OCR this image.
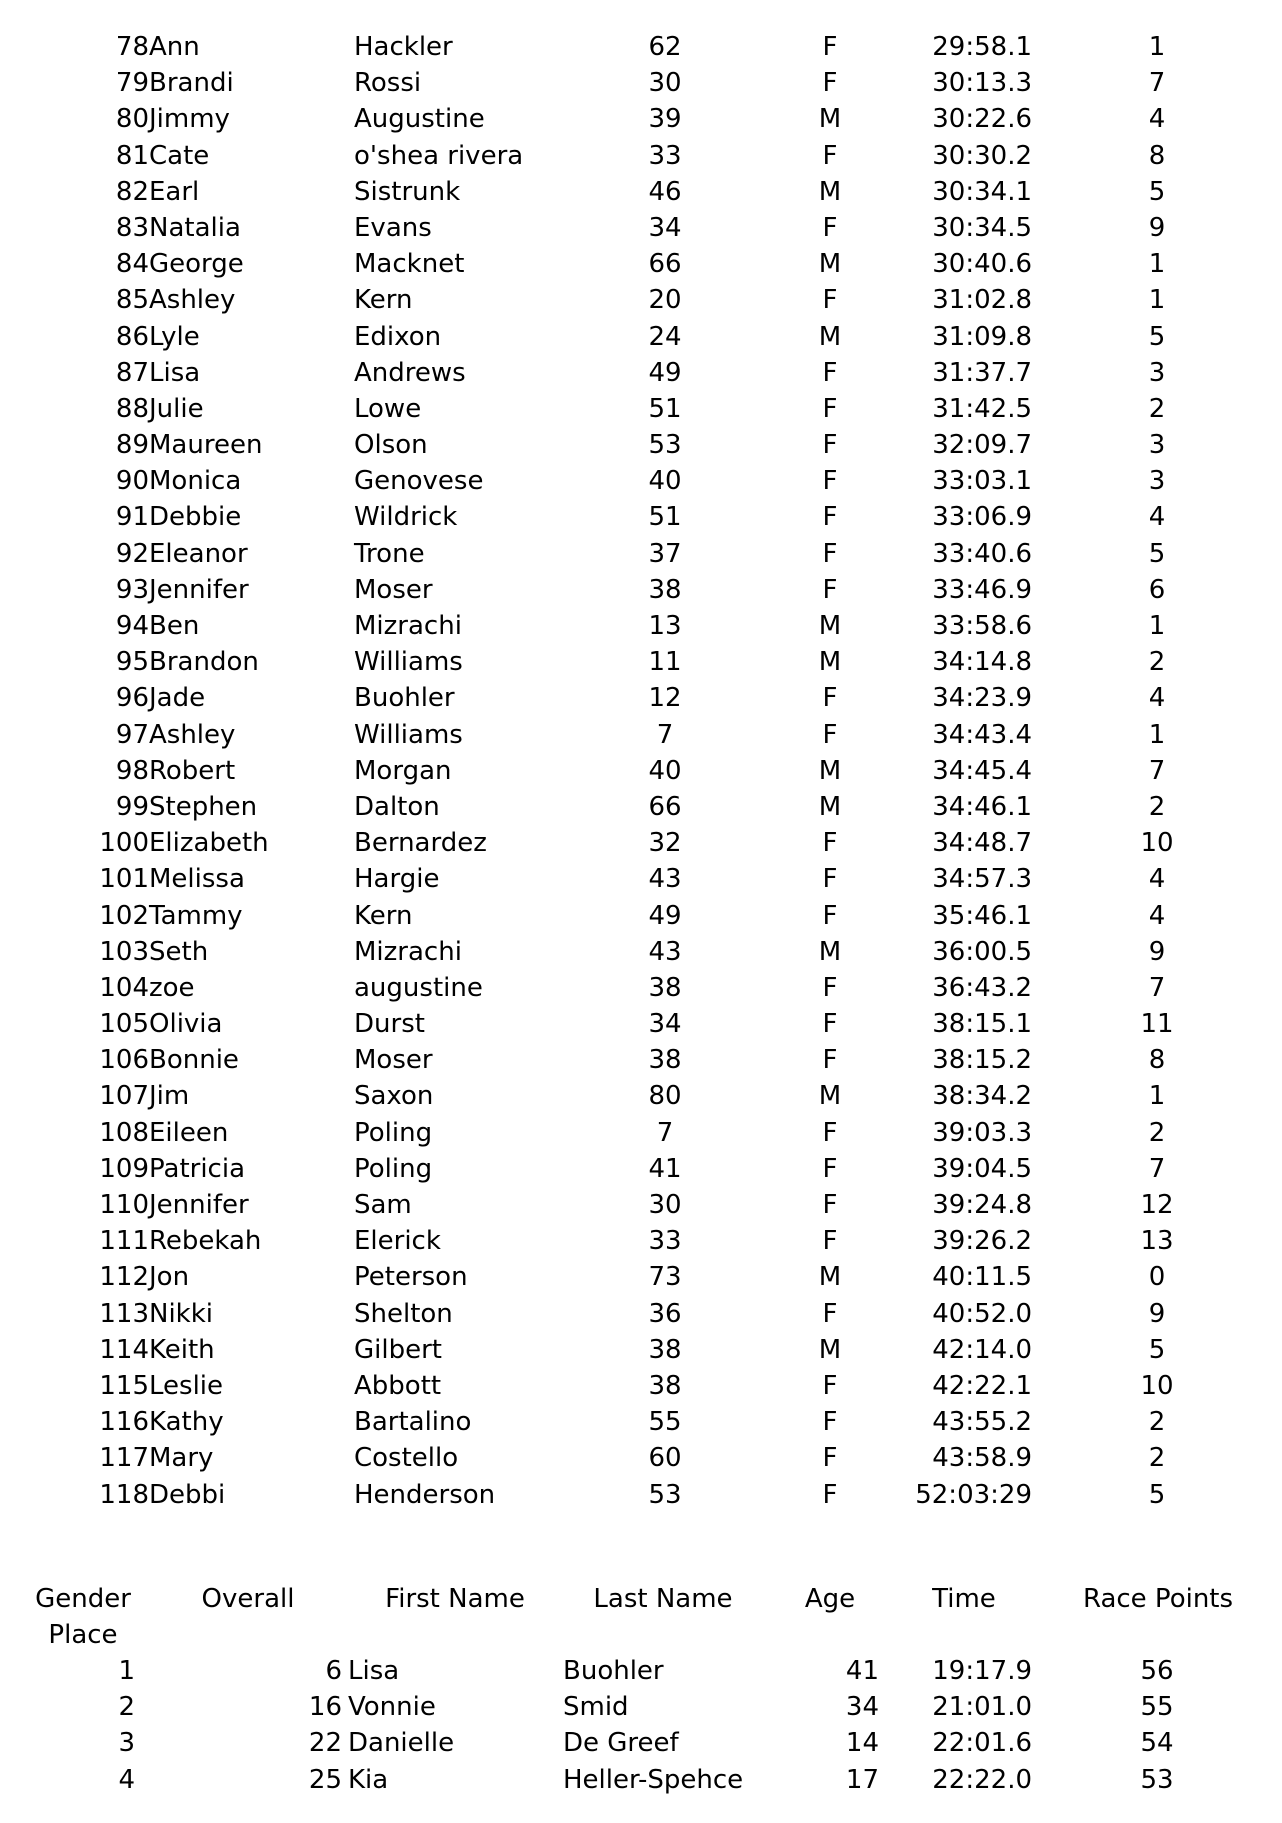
78 Ann	Hackler	62	F	29:58.1	1
79 Brandi	Rossi	30	F	30:13.3	7
80 Jimmy	Augustine	39	M	30:22.6	4
81 Cate	o'shea rivera	33	F	30:30.2	8
82 Earl	Sistrunk	46	M	30:34.1	5
83 Natalia	Evans	34	F	30:34.5	9
84 George	Macknet	66	M	30:40.6	1
85 Ashley	Kern	20	F	31:02.8	1
86 Lyle	Edixon	24	M	31:09.8	5
87 Lisa	Andrews	49	F	31:37.7	3
88 Julie	Lowe	51	F	31:42.5	2
89 Maureen	Olson	53	F	32:09.7	3
90 Monica	Genovese	40	F	33:03.1	3
91 Debbie	Wildrick	51	F	33:06.9	4
92 Eleanor	Trone	37	F	33:40.6	5
93 Jennifer	Moser	38	F	33:46.9	6
94 Ben	Mizrachi	13	M	33:58.6	1
95 Brandon	Williams	11	M	34:14.8	2
96 Jade	Buohler	12	F	34:23.9	4
97 Ashley	Williams	7	F	34:43.4	1
98 Robert	Morgan	40	M	34:45.4	7
99 Stephen	Dalton	66	M	34:46.1	2
100 Elizabeth	Bernardez	32	F	34:48.7	10
101 Melissa	Hargie	43	F	34:57.3	4
102 Tammy	Kern	49	F	35:46.1	4
103 Seth	Mizrachi	43	M	36:00.5	9
104 zoe	augustine	38	F	36:43.2	7
105 Olivia	Durst	34	F	38:15.1	11
106 Bonnie	Moser	38	F	38:15.2	8
107 Jim	Saxon	80	M	38:34.2	1
108 Eileen	Poling	7	F	39:03.3	2
109 Patricia	Poling	41	F	39:04.5	7
110 Jennifer	Sam	30	F	39:24.8	12
111 Rebekah	Elerick	33	F	39:26.2	13
112 Jon	Peterson	73	M	40:11.5	0
113 Nikki	Shelton	36	F	40:52.0	9
114 Keith	Gilbert	38	M	42:14.0	5
115 Leslie	Abbott	38	F	42:22.1	10
116 Kathy	Bartalino	55	F	43:55.2	2
117 Mary	Costello	60	F	43:58.9	2
118 Debbi	Henderson	53	F	52:03:29	5
Gender Place
Overall	First Name	Last Name	Age	Time	Race Points
1	6 Lisa	Buohler	41 19:17.9	56
2	16 Vonnie	Smid	34 21:01.0	55
3	22 Danielle	De Greef	14 22:01.6	54
4	25 Kia	Heller-Spehce	17 22:22.0	53
